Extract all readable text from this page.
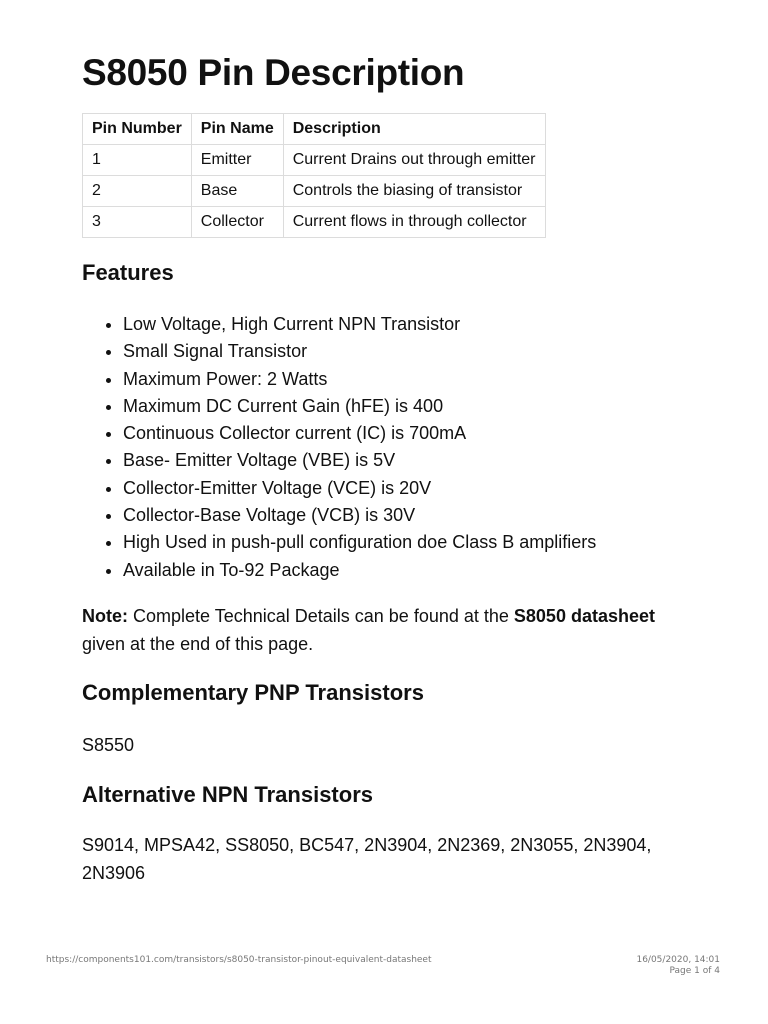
S8050 Pin Description
Pin Number	Pin Name	Description
1	Emitter	Current Drains out through emitter
2	Base	Controls the biasing of transistor
3	Collector	Current flows in through collector
Features
• Low Voltage, High Current NPN Transistor
• Small Signal Transistor
• Maximum Power: 2 Watts
• Maximum DC Current Gain (hFE) is 400
• Continuous Collector current (IC) is 700mA
• Base- Emitter Voltage (VBE) is 5V
• Collector-Emitter Voltage (VCE) is 20V
• Collector-Base Voltage (VCB) is 30V
• High Used in push-pull configuration doe Class B amplifiers
• Available in To-92 Package

Note: Complete Technical Details can be found at the S8050 datasheet given at the end of this page.

Complementary PNP Transistors

S8550

Alternative NPN Transistors

S9014, MPSA42, SS8050, BC547, 2N3904, 2N2369, 2N3055, 2N3904, 2N3906

https://components101.com/transistors/s8050-transistor-pinout-equivalent-datasheet	16/05/2020, 14:01
Page 1 of 4
